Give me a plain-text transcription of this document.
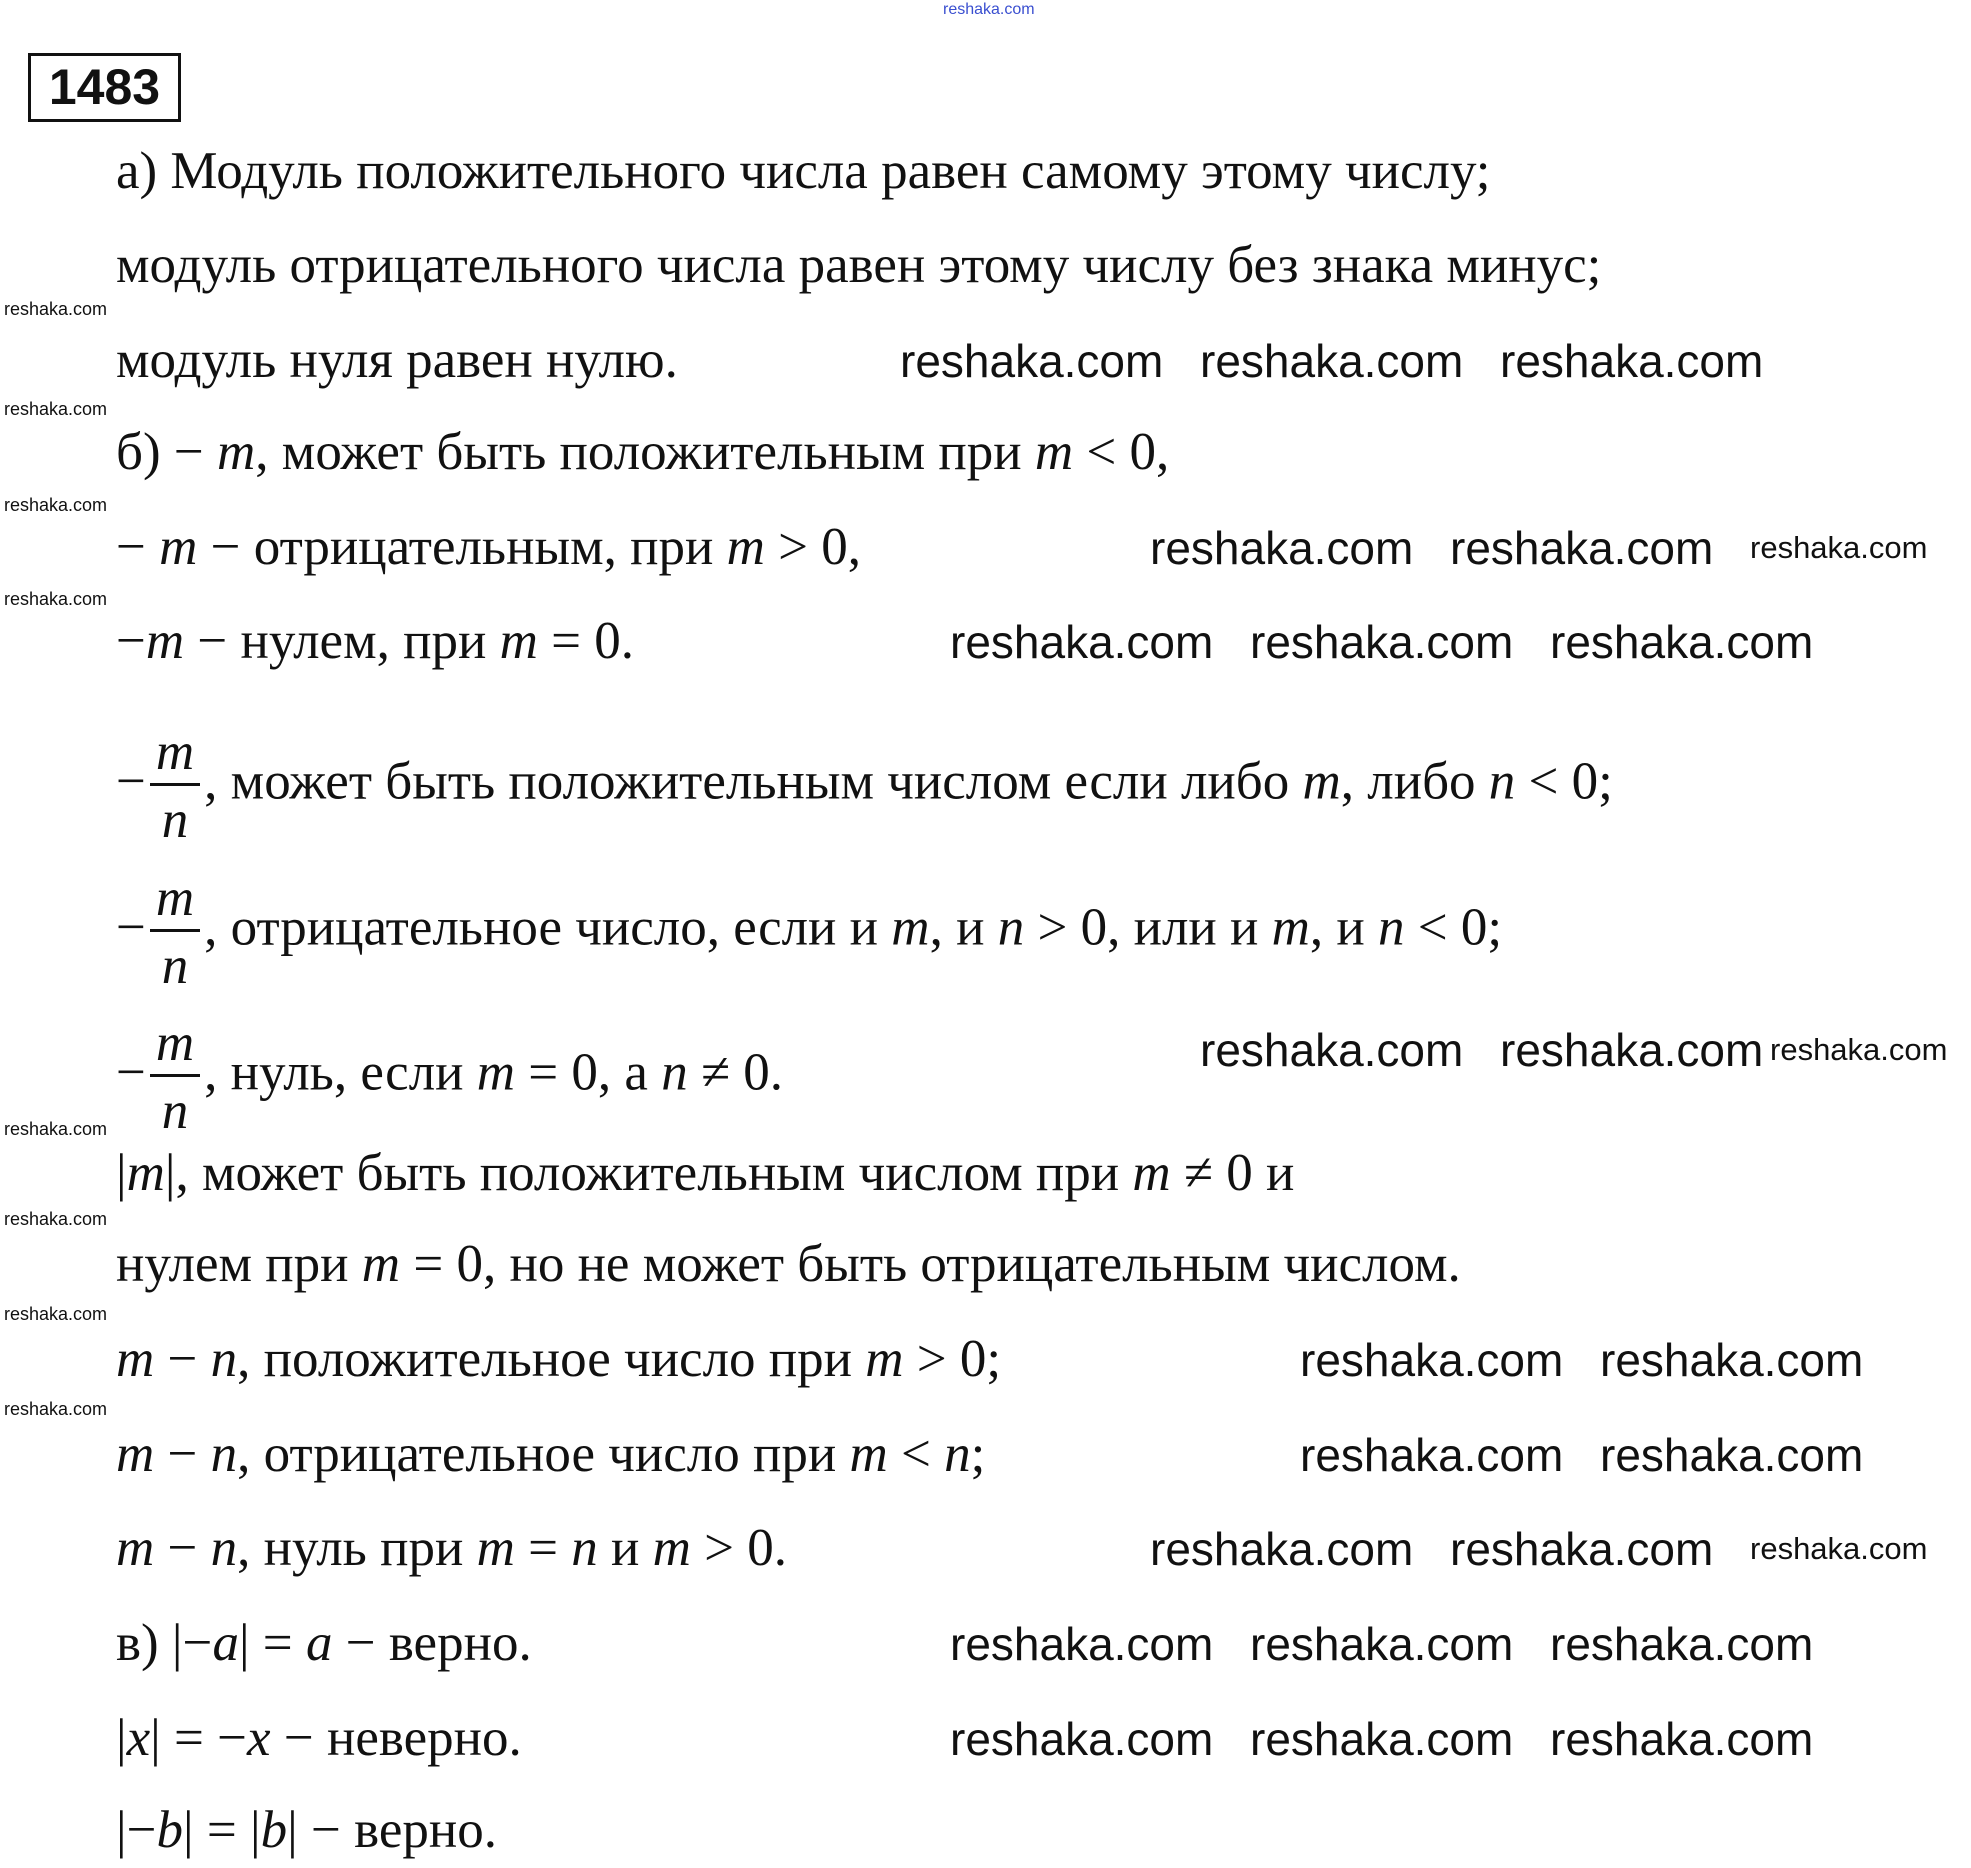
reshaka.com
1483
а) Модуль положительного числа равен самому этому числу;
модуль отрицательного числа равен этому числу без знака минус;
модуль нуля равен нулю.
б) − m, может быть положительным при m < 0,
− m − отрицательным, при m > 0,
−m − нулем, при m = 0.
− $\frac{m}{n}$ , может быть положительным числом если либо m, либо n < 0;
− $\frac{m}{n}$ , отрицательное число, если и m, и n > 0, или и m, и n < 0;
− $\frac{m}{n}$ , нуль, если m = 0, а n ≠ 0.
|m|, может быть положительным числом при m ≠ 0 и
нулем при m = 0, но не может быть отрицательным числом.
m − n, положительное число при m > 0;
m − n, отрицательное число при m < n;
m − n, нуль при m = n и m > 0.
в) |−a| = a − верно.
|x| = −x − неверно.
|−b| = |b| − верно.
reshaka.com reshaka.com reshaka.com
reshaka.com reshaka.com reshaka.com
reshaka.com reshaka.com reshaka.com
reshaka.com reshaka.com reshaka.com
reshaka.com reshaka.com
reshaka.com reshaka.com
reshaka.com reshaka.com reshaka.com
reshaka.com reshaka.com reshaka.com
reshaka.com reshaka.com reshaka.com
reshaka.com
reshaka.com
reshaka.com
reshaka.com
reshaka.com
reshaka.com
reshaka.com
reshaka.com
